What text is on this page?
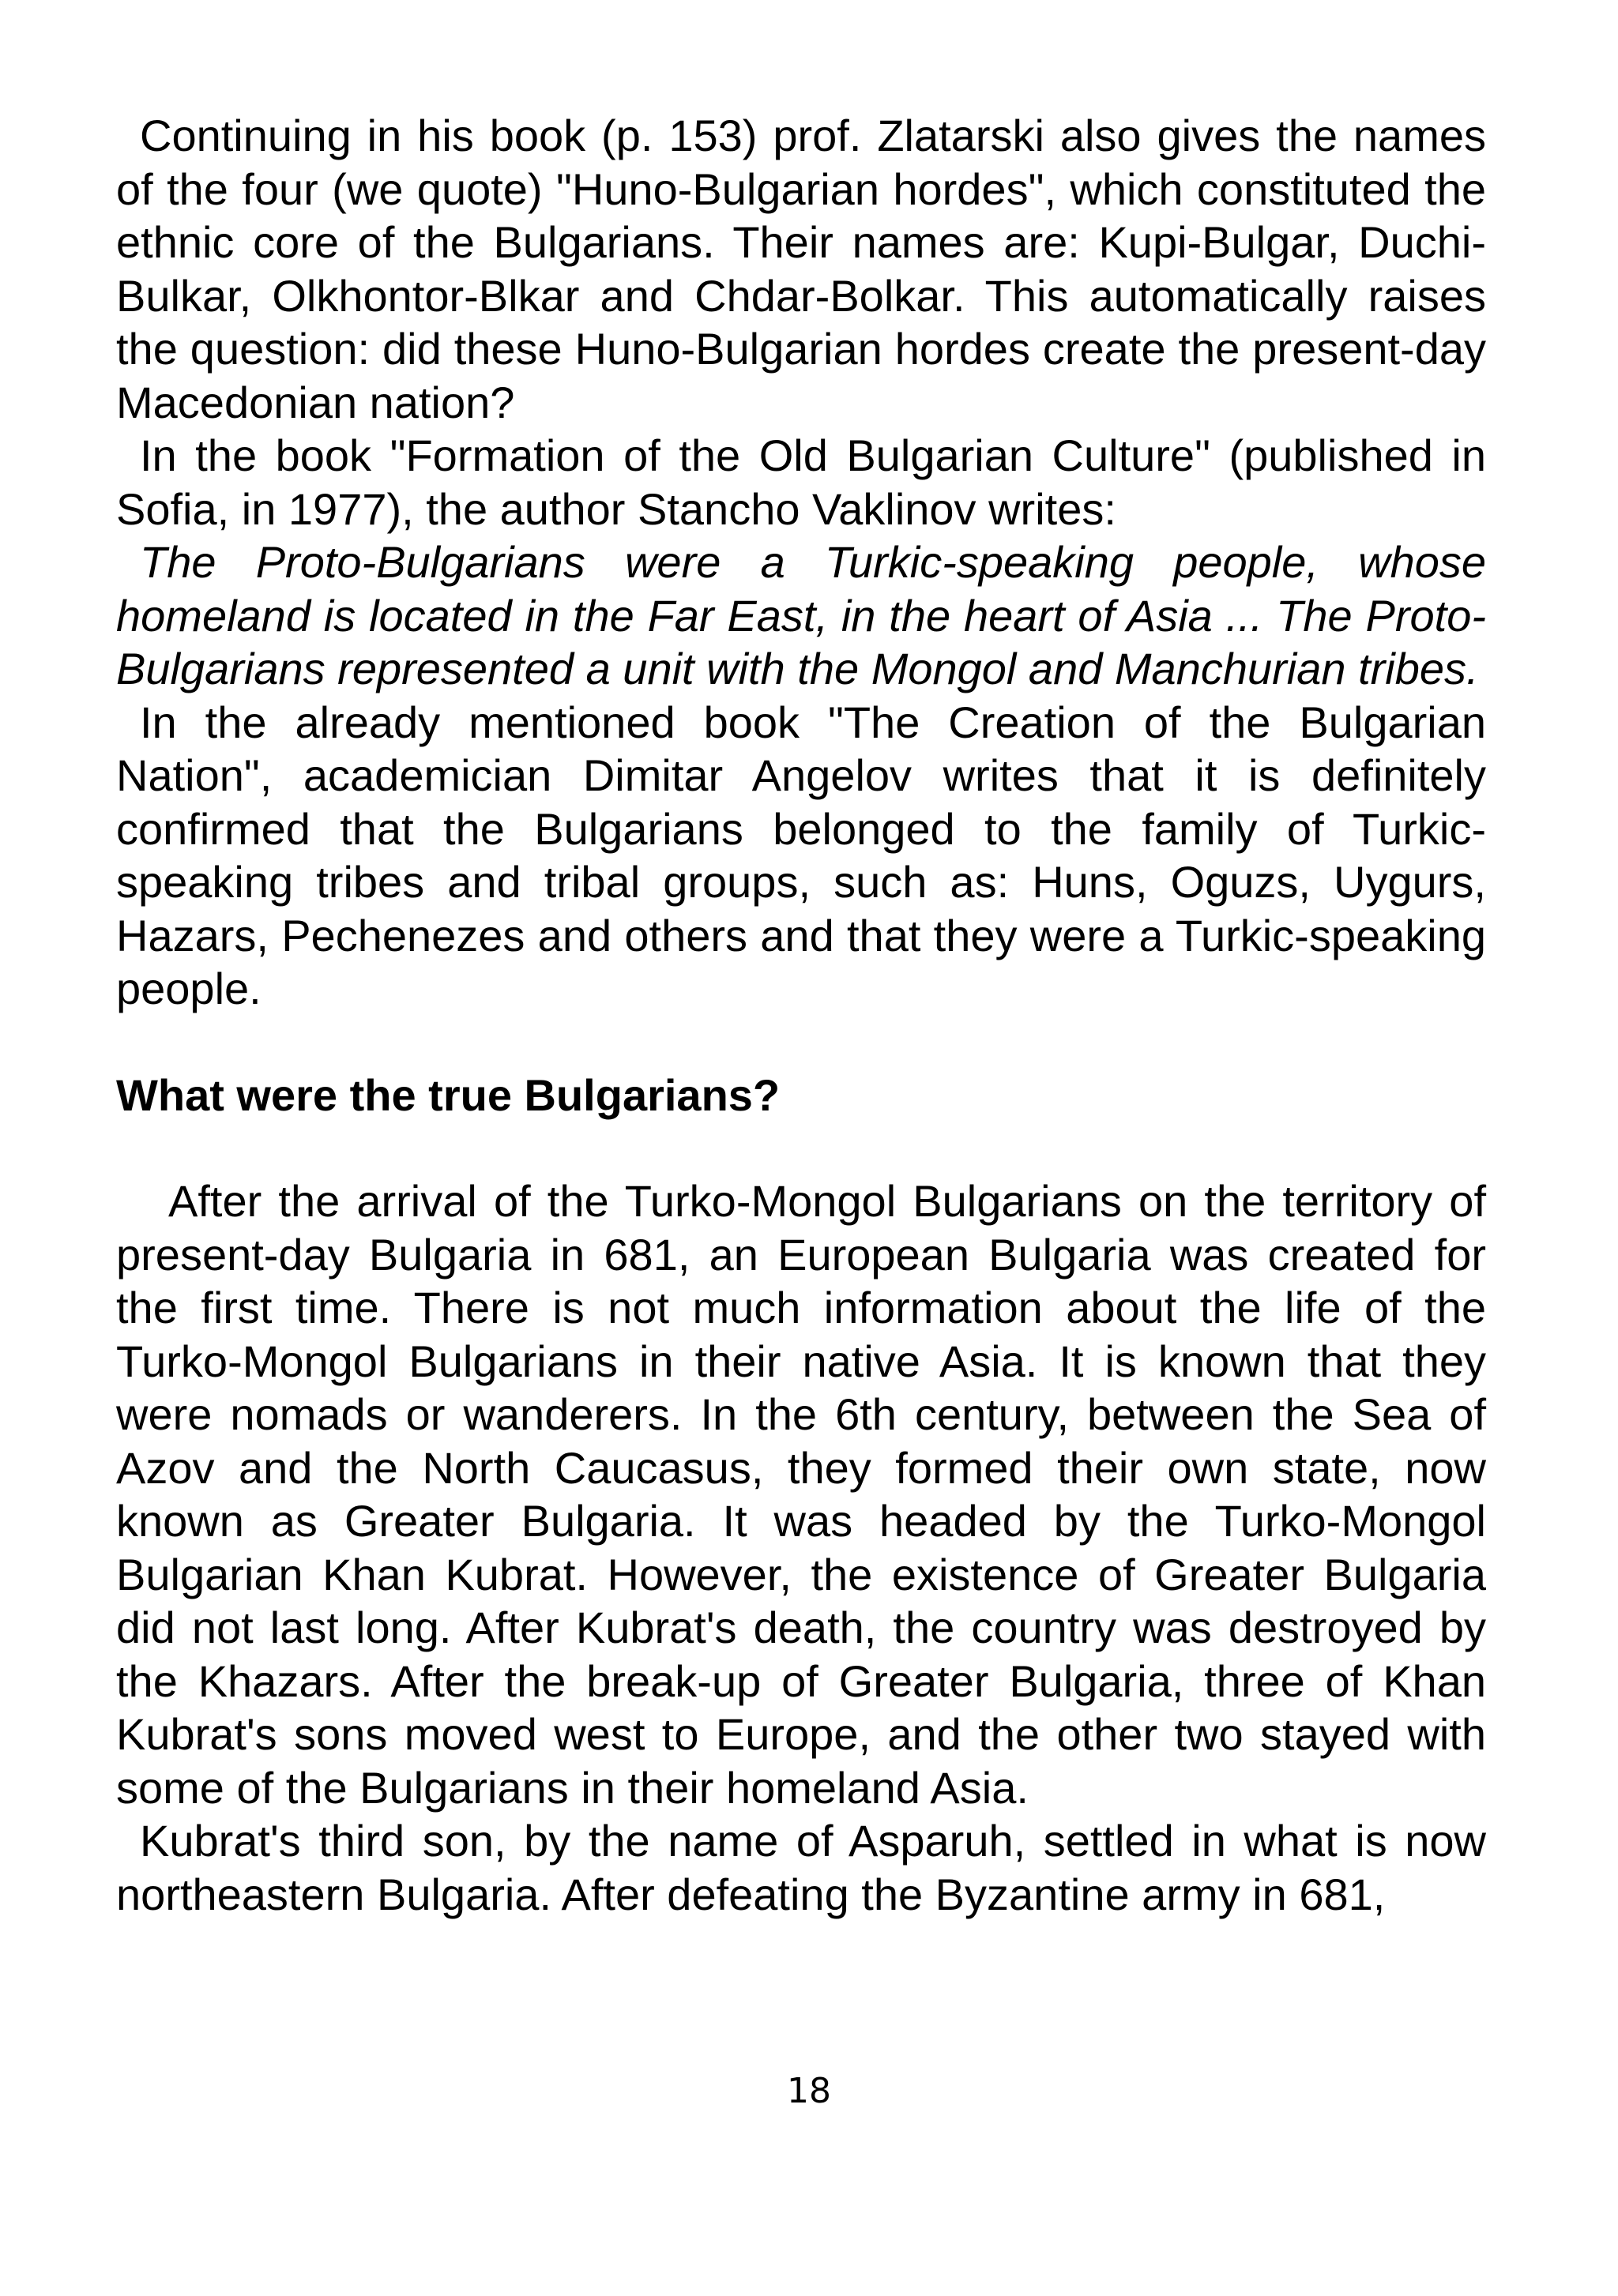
Continuing in his book (p. 153) prof. Zlatarski also gives the names of the four (we quote) "Huno-Bulgarian hordes", which constituted the ethnic core of the Bulgarians. Their names are: Kupi-Bulgar, Duchi-Bulkar, Olkhontor-Blkar and Chdar-Bolkar. This automatically raises the question: did these Huno-Bulgarian hordes create the present-day Macedonian nation?

In the book "Formation of the Old Bulgarian Culture" (published in Sofia, in 1977), the author Stancho Vaklinov writes:

The Proto-Bulgarians were a Turkic-speaking people, whose homeland is located in the Far East, in the heart of Asia ... The Proto-Bulgarians represented a unit with the Mongol and Manchurian tribes.

In the already mentioned book "The Creation of the Bulgarian Nation", academician Dimitar Angelov writes that it is definitely confirmed that the Bulgarians belonged to the family of Turkic-speaking tribes and tribal groups, such as: Huns, Oguzs, Uygurs, Hazars, Pechenezes and others and that they were a Turkic-speaking people.

What were the true Bulgarians?

After the arrival of the Turko-Mongol Bulgarians on the territory of present-day Bulgaria in 681, an European Bulgaria was created for the first time. There is not much information about the life of the Turko-Mongol Bulgarians in their native Asia. It is known that they were nomads or wanderers. In the 6th century, between the Sea of Azov and the North Caucasus, they formed their own state, now known as Greater Bulgaria. It was headed by the Turko-Mongol Bulgarian Khan Kubrat. However, the existence of Greater Bulgaria did not last long. After Kubrat's death, the country was destroyed by the Khazars. After the break-up of Greater Bulgaria, three of Khan Kubrat's sons moved west to Europe, and the other two stayed with some of the Bulgarians in their homeland Asia.

Kubrat's third son, by the name of Asparuh, settled in what is now northeastern Bulgaria. After defeating the Byzantine army in 681,

18
